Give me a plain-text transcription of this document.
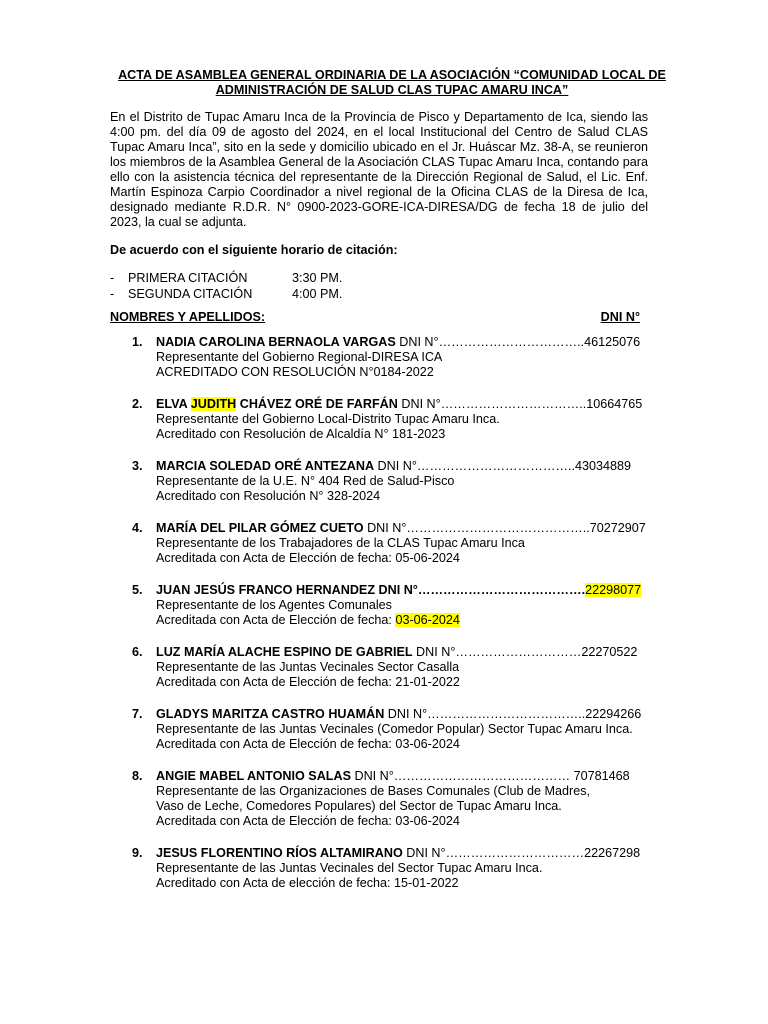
ACTA DE ASAMBLEA GENERAL ORDINARIA DE LA ASOCIACIÓN “COMUNIDAD LOCAL DE
ADMINISTRACIÓN DE SALUD CLAS TUPAC AMARU INCA”

En el Distrito de Tupac Amaru Inca de la Provincia de Pisco y Departamento de Ica, siendo las 4:00 pm. del día 09 de agosto del 2024, en el local Institucional del Centro de Salud CLAS Tupac Amaru Inca”, sito en la sede y domicilio ubicado en el Jr. Huáscar Mz. 38-A, se reunieron los miembros de la Asamblea General de la Asociación CLAS Tupac Amaru Inca, contando para ello con la asistencia técnica del representante de la Dirección Regional de Salud, el Lic. Enf. Martín Espinoza Carpio Coordinador a nivel regional de la Oficina CLAS de la Diresa de Ica, designado mediante R.D.R. N° 0900-2023-GORE-ICA-DIRESA/DG de fecha 18 de julio del 2023, la cual se adjunta.

De acuerdo con el siguiente horario de citación:

-	PRIMERA CITACIÓN	3:30 PM.
-	SEGUNDA CITACIÓN	4:00 PM.
NOMBRES Y APELLIDOS:	DNI N°
1. NADIA CAROLINA BERNAOLA VARGAS DNI N°……………………………..46125076
Representante del Gobierno Regional-DIRESA ICA
ACREDITADO CON RESOLUCIÓN N°0184-2022
2. ELVA JUDITH CHÁVEZ ORÉ DE FARFÁN DNI N°……………………………..10664765
Representante del Gobierno Local-Distrito Tupac Amaru Inca.
Acreditado con Resolución de Alcaldía N° 181-2023
3. MARCIA SOLEDAD ORÉ ANTEZANA DNI N°………………………………..43034889
Representante de la U.E. N° 404 Red de Salud-Pisco
Acreditado con Resolución N° 328-2024
4. MARÍA DEL PILAR GÓMEZ CUETO DNI N°……………………………………..70272907
Representante de los Trabajadores de la CLAS Tupac Amaru Inca
Acreditada con Acta de Elección de fecha: 05-06-2024
5. JUAN JESÚS FRANCO HERNANDEZ DNI N°………………………………….22298077
Representante de los Agentes Comunales
Acreditada con Acta de Elección de fecha: 03-06-2024
6. LUZ MARÍA ALACHE ESPINO DE GABRIEL DNI N°…………………………22270522
Representante de las Juntas Vecinales Sector Casalla
Acreditada con Acta de Elección de fecha: 21-01-2022
7. GLADYS MARITZA CASTRO HUAMÁN DNI N°………………………………..22294266
Representante de las Juntas Vecinales (Comedor Popular) Sector Tupac Amaru Inca.
Acreditada con Acta de Elección de fecha: 03-06-2024
8. ANGIE MABEL ANTONIO SALAS DNI N°…………………………………… 70781468
Representante de las Organizaciones de Bases Comunales (Club de Madres,
Vaso de Leche, Comedores Populares) del Sector de Tupac Amaru Inca.
Acreditada con Acta de Elección de fecha: 03-06-2024
9. JESUS FLORENTINO RÍOS ALTAMIRANO DNI N°……………………………22267298
Representante de las Juntas Vecinales del Sector Tupac Amaru Inca.
Acreditado con Acta de elección de fecha: 15-01-2022
